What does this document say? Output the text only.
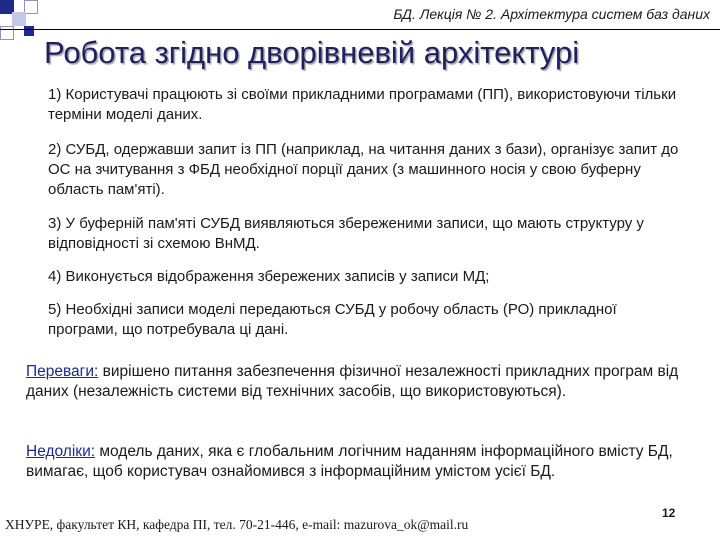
БД. Лекція № 2. Архітектура систем баз даних
Робота згідно дворівневій архітектурі

1) Користувачі працюють зі своїми прикладними програмами (ПП), використовуючи тільки терміни моделі даних.

2) СУБД, одержавши запит із ПП (наприклад, на читання даних з бази), організує запит до ОС на зчитування з ФБД необхідної порції даних (з машинного носія у свою буферну область пам'яті).

3) У буферній пам'яті СУБД виявляються збереженими записи, що мають структуру у відповідності зі схемою ВнМД.

4) Виконується відображення збережених записів у записи МД;

5) Необхідні записи моделі передаються СУБД у робочу область (РО) прикладної програми, що потребувала ці дані.

Переваги: вирішено питання забезпечення фізичної незалежності прикладних програм від даних (незалежність системи від технічних засобів, що використовуються).

Недоліки: модель даних, яка є глобальним логічним наданням інформаційного вмісту БД, вимагає, щоб користувач ознайомився з інформаційним умістом усієї БД.

ХНУРЕ, факультет КН, кафедра ПІ, тел. 70-21-446, e-mail: mazurova_ok@mail.ru
12
